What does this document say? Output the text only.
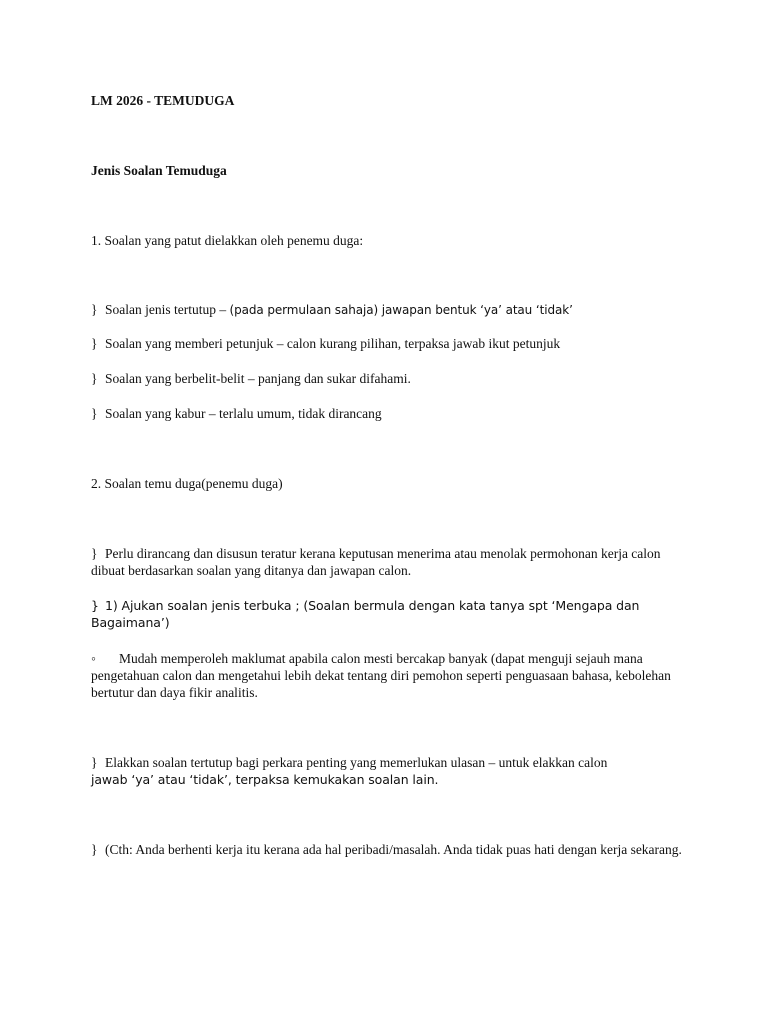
LM 2026 - TEMUDUGA
Jenis Soalan Temuduga
1. Soalan yang patut dielakkan oleh penemu duga:
} Soalan jenis tertutup – (pada permulaan sahaja) jawapan bentuk ‘ya’ atau ‘tidak’
} Soalan yang memberi petunjuk – calon kurang pilihan, terpaksa jawab ikut petunjuk
} Soalan yang berbelit-belit – panjang dan sukar difahami.
} Soalan yang kabur – terlalu umum, tidak dirancang
2. Soalan temu duga(penemu duga)
} Perlu dirancang dan disusun teratur kerana keputusan menerima atau menolak permohonan kerja calon dibuat berdasarkan soalan yang ditanya dan jawapan calon.
} 1) Ajukan soalan jenis terbuka ; (Soalan bermula dengan kata tanya spt ‘Mengapa dan Bagaimana’)
◦ Mudah memperoleh maklumat apabila calon mesti bercakap banyak (dapat menguji sejauh mana pengetahuan calon dan mengetahui lebih dekat tentang diri pemohon seperti penguasaan bahasa, kebolehan bertutur dan daya fikir analitis.
} Elakkan soalan tertutup bagi perkara penting yang memerlukan ulasan – untuk elakkan calon
jawab ‘ya’ atau ‘tidak’, terpaksa kemukakan soalan lain.
} (Cth: Anda berhenti kerja itu kerana ada hal peribadi/masalah. Anda tidak puas hati dengan kerja sekarang.
